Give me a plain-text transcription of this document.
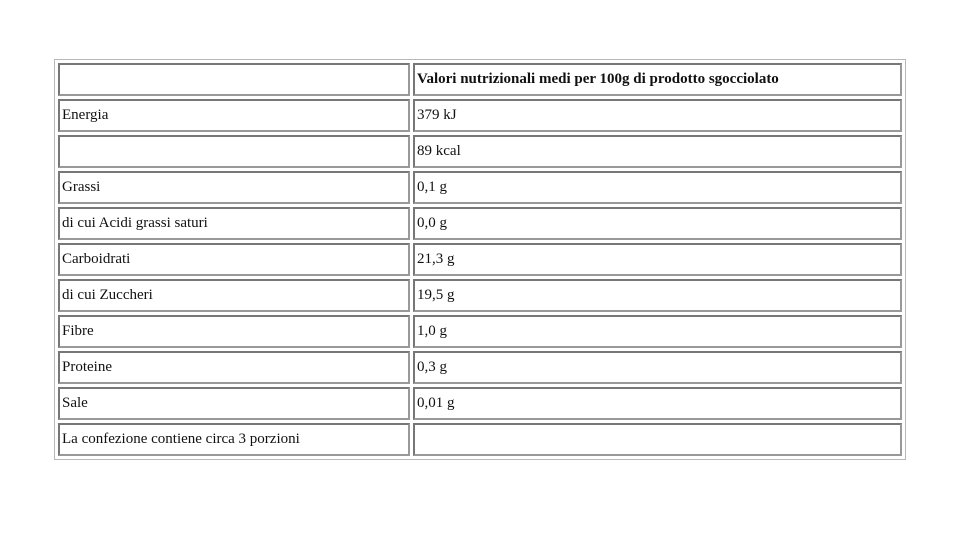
	Valori nutrizionali medi per 100g di prodotto sgocciolato
Energia	379 kJ
	89 kcal
Grassi	0,1 g
di cui Acidi grassi saturi	0,0 g
Carboidrati	21,3 g
di cui Zuccheri	19,5 g
Fibre	1,0 g
Proteine	0,3 g
Sale	0,01 g
La confezione contiene circa 3 porzioni	
